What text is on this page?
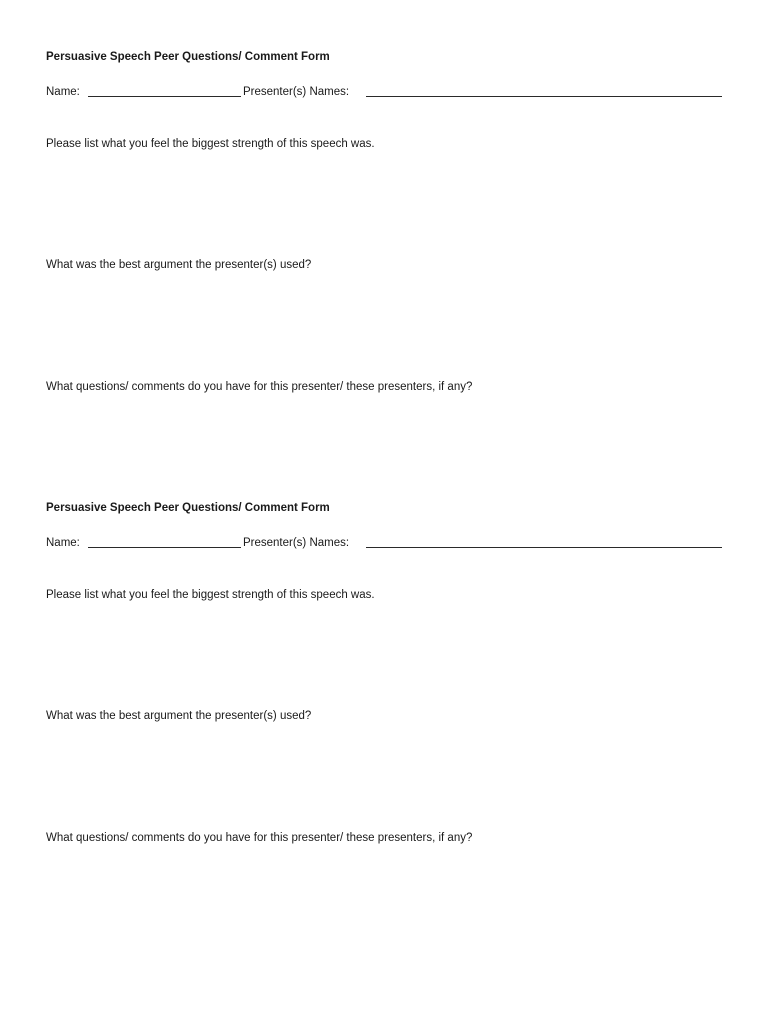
Persuasive Speech Peer Questions/ Comment Form
Name:	Presenter(s) Names:
Please list what you feel the biggest strength of this speech was.
What was the best argument the presenter(s) used?
What questions/ comments do you have for this presenter/ these presenters, if any?
Persuasive Speech Peer Questions/ Comment Form
Name:	Presenter(s) Names:
Please list what you feel the biggest strength of this speech was.
What was the best argument the presenter(s) used?
What questions/ comments do you have for this presenter/ these presenters, if any?
